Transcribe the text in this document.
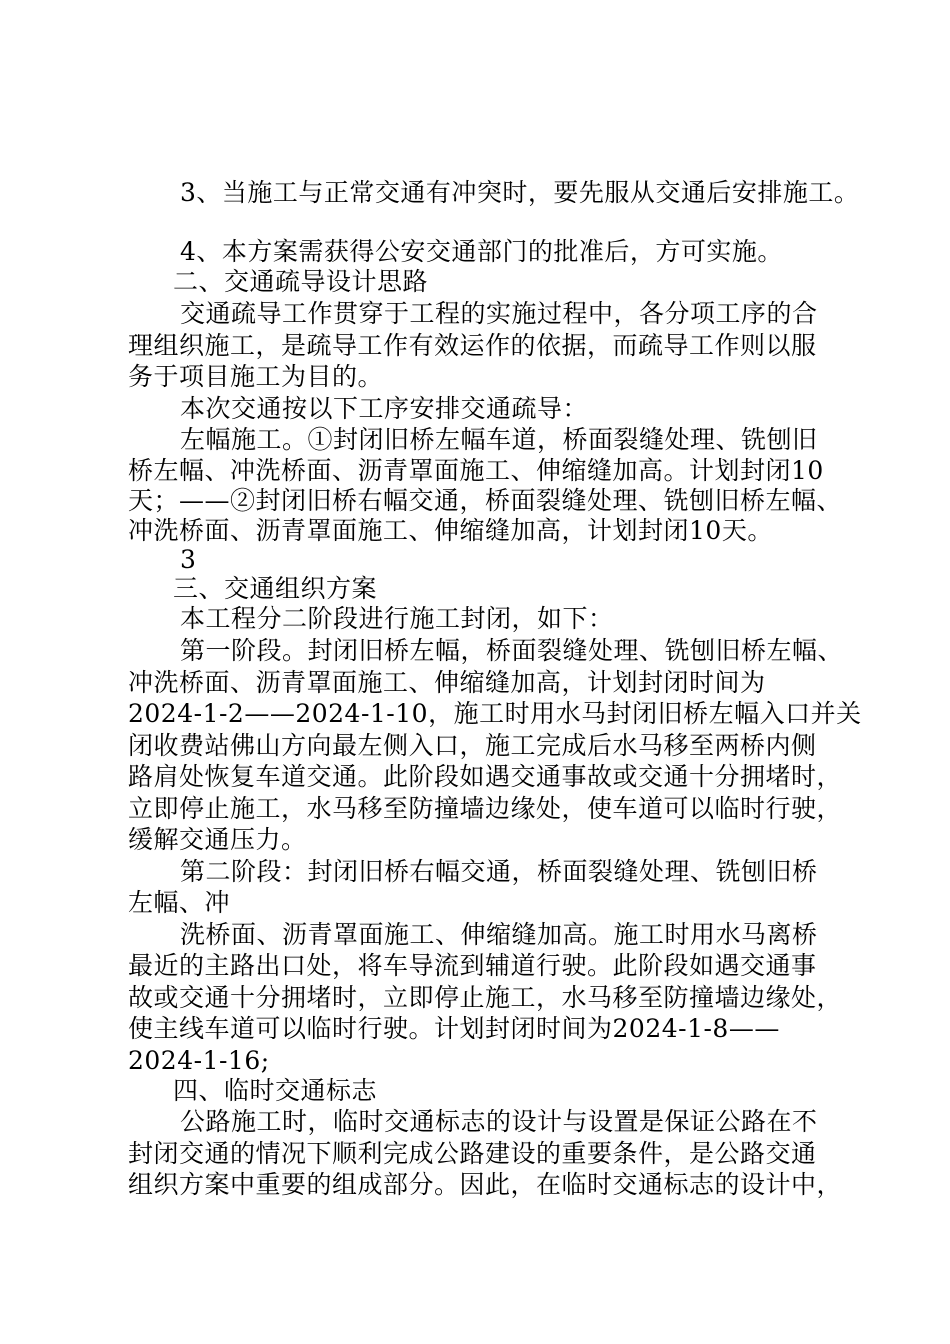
3、当施工与正常交通有冲突时，要先服从交通后安排施工。
4、本方案需获得公安交通部门的批准后，方可实施。
二、交通疏导设计思路
交通疏导工作贯穿于工程的实施过程中，各分项工序的合
理组织施工，是疏导工作有效运作的依据，而疏导工作则以服
务于项目施工为目的。
本次交通按以下工序安排交通疏导：
左幅施工。①封闭旧桥左幅车道，桥面裂缝处理、铣刨旧
桥左幅、冲洗桥面、沥青罩面施工、伸缩缝加高。计划封闭10
天；——②封闭旧桥右幅交通，桥面裂缝处理、铣刨旧桥左幅、
冲洗桥面、沥青罩面施工、伸缩缝加高，计划封闭10天。
3
三、交通组织方案
本工程分二阶段进行施工封闭，如下：
第一阶段。封闭旧桥左幅，桥面裂缝处理、铣刨旧桥左幅、
冲洗桥面、沥青罩面施工、伸缩缝加高，计划封闭时间为
2024-1-2——2024-1-10，施工时用水马封闭旧桥左幅入口并关
闭收费站佛山方向最左侧入口，施工完成后水马移至两桥内侧
路肩处恢复车道交通。此阶段如遇交通事故或交通十分拥堵时，
立即停止施工，水马移至防撞墙边缘处，使车道可以临时行驶，
缓解交通压力。
第二阶段：封闭旧桥右幅交通，桥面裂缝处理、铣刨旧桥
左幅、冲
洗桥面、沥青罩面施工、伸缩缝加高。施工时用水马离桥
最近的主路出口处，将车导流到辅道行驶。此阶段如遇交通事
故或交通十分拥堵时，立即停止施工，水马移至防撞墙边缘处，
使主线车道可以临时行驶。计划封闭时间为2024-1-8——
2024-1-16;
四、临时交通标志
公路施工时，临时交通标志的设计与设置是保证公路在不
封闭交通的情况下顺利完成公路建设的重要条件，是公路交通
组织方案中重要的组成部分。因此，在临时交通标志的设计中，
